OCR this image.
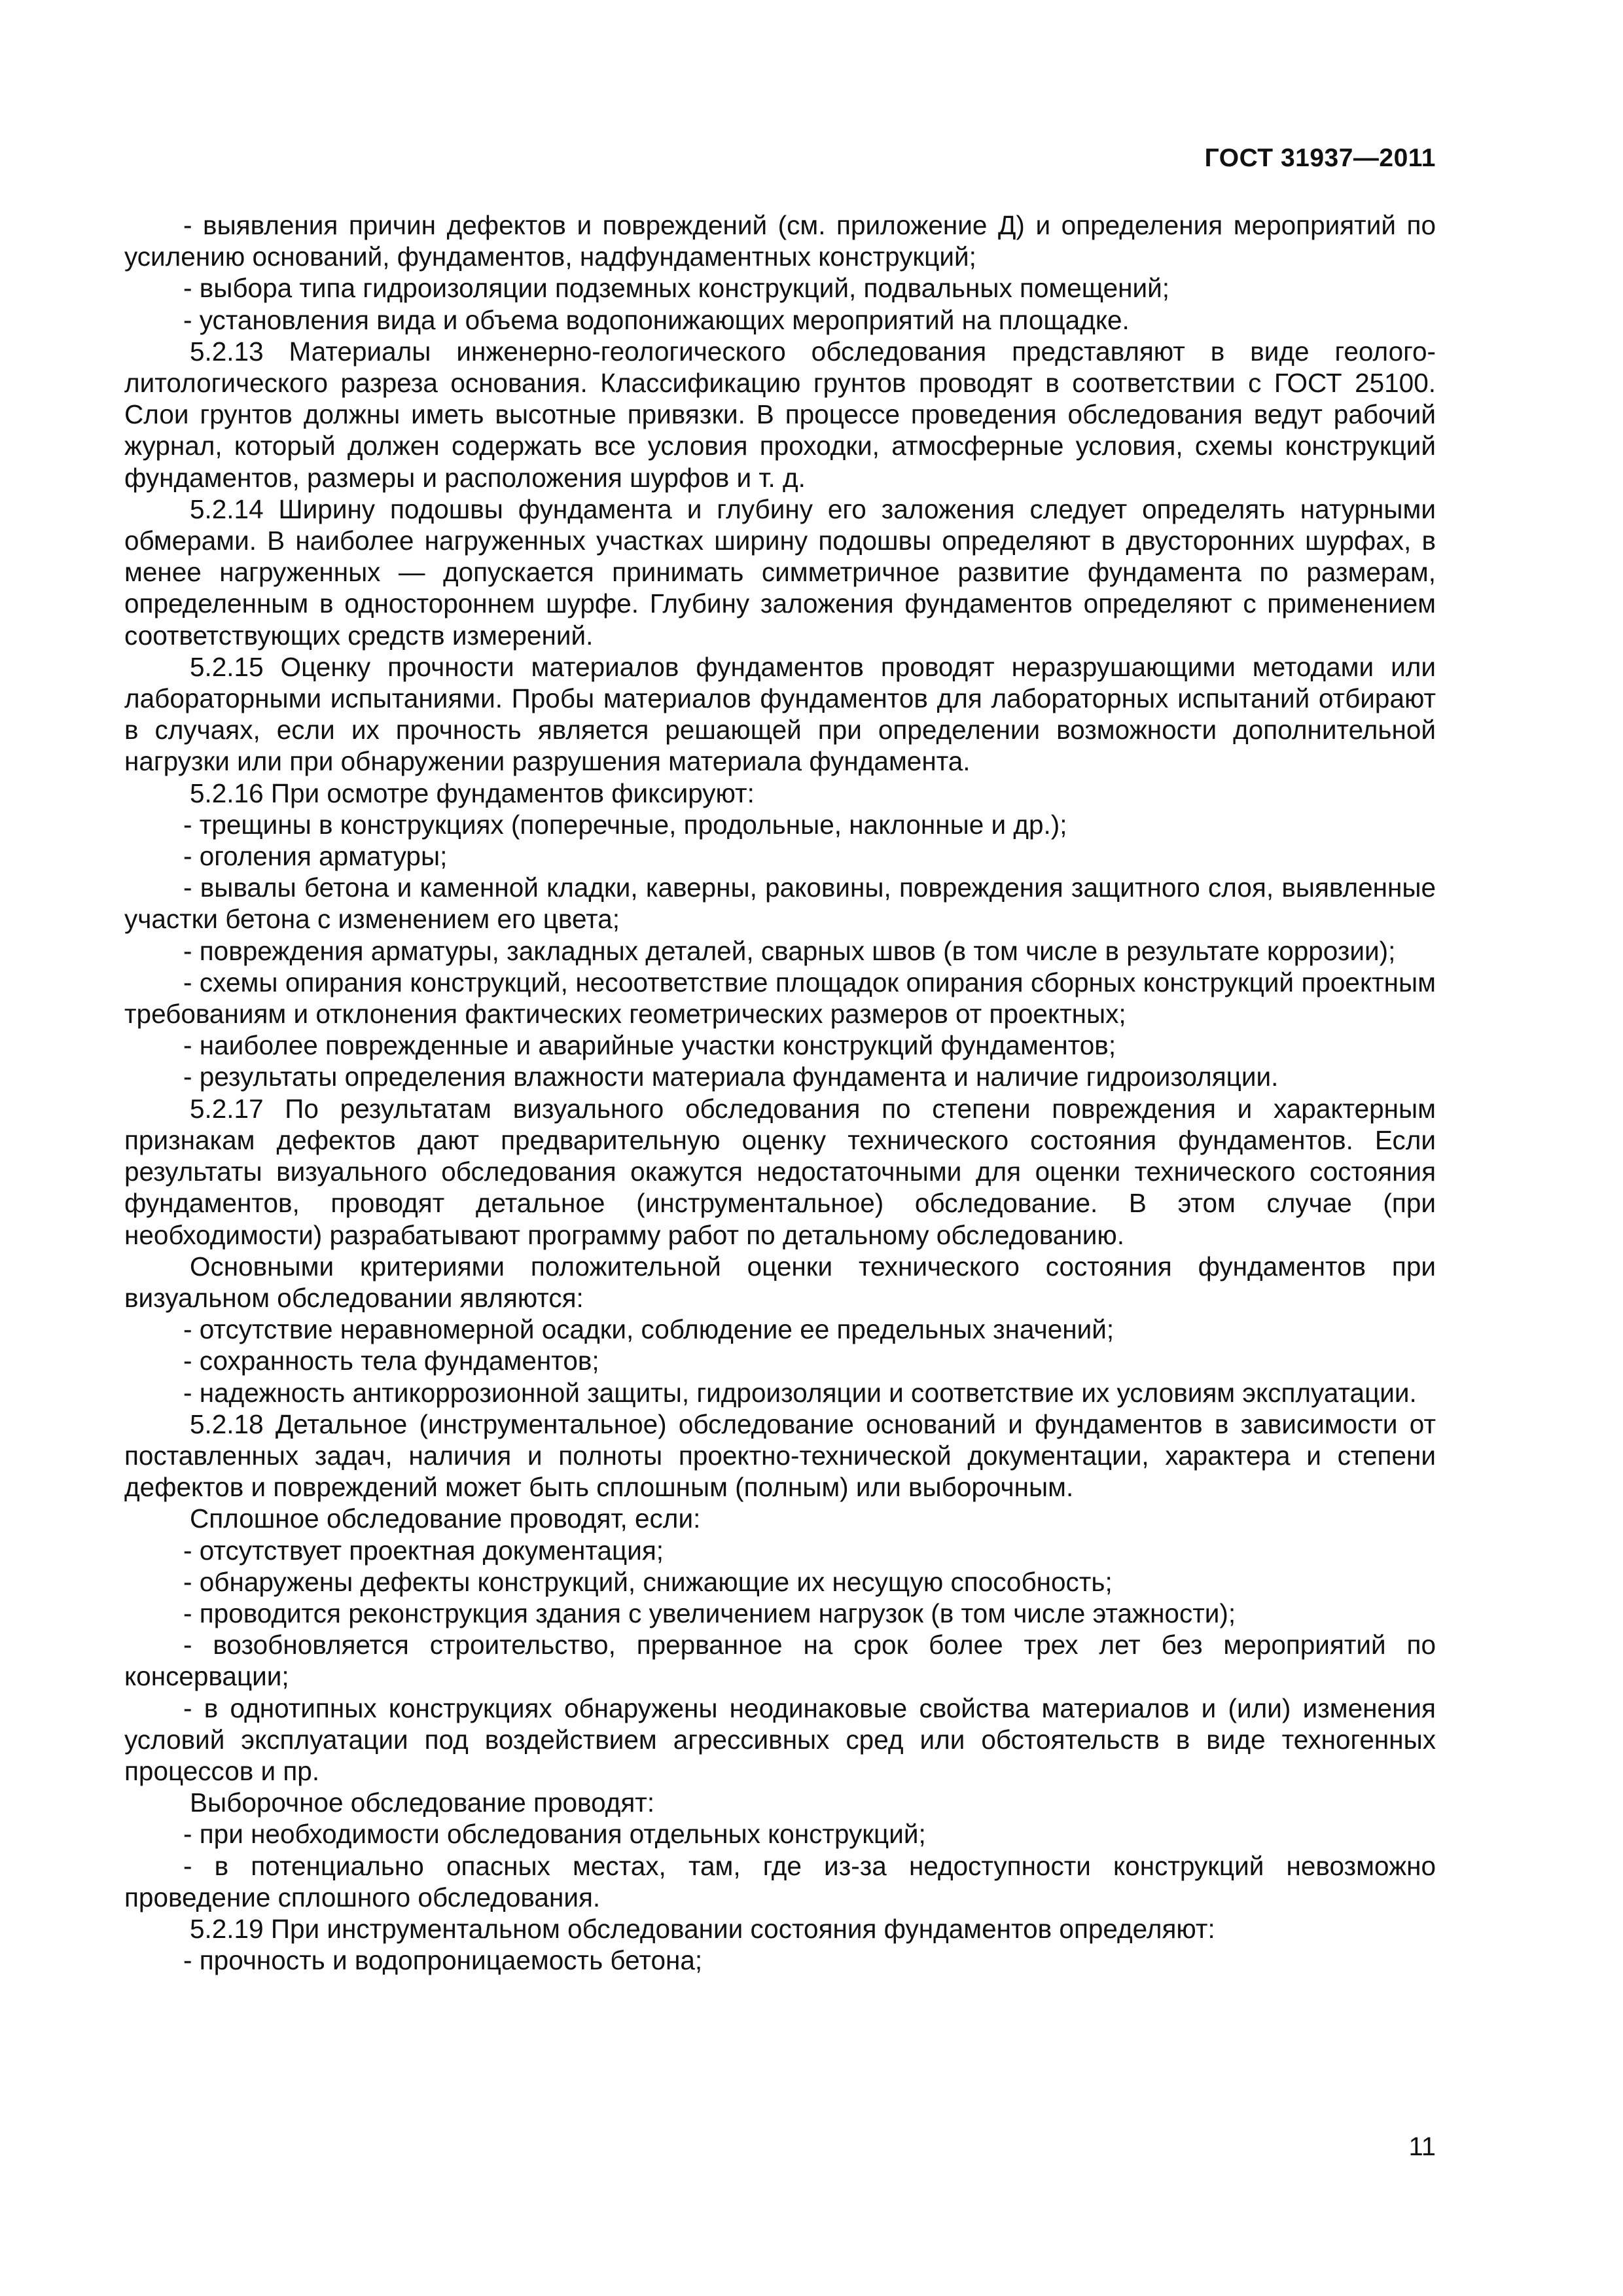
ГОСТ 31937—2011

- выявления причин дефектов и повреждений (см. приложение Д) и определения мероприятий по усилению оснований, фундаментов, надфундаментных конструкций;

- выбора типа гидроизоляции подземных конструкций, подвальных помещений;

- установления вида и объема водопонижающих мероприятий на площадке.

5.2.13 Материалы инженерно-геологического обследования представляют в виде геолого-литологического разреза основания. Классификацию грунтов проводят в соответствии с ГОСТ 25100. Слои грунтов должны иметь высотные привязки. В процессе проведения обследования ведут рабочий журнал, который должен содержать все условия проходки, атмосферные условия, схемы конструкций фундаментов, размеры и расположения шурфов и т. д.

5.2.14 Ширину подошвы фундамента и глубину его заложения следует определять натурными обмерами. В наиболее нагруженных участках ширину подошвы определяют в двусторонних шурфах, в менее нагруженных — допускается принимать симметричное развитие фундамента по размерам, определенным в одностороннем шурфе. Глубину заложения фундаментов определяют с применением соответствующих средств измерений.

5.2.15 Оценку прочности материалов фундаментов проводят неразрушающими методами или лабораторными испытаниями. Пробы материалов фундаментов для лабораторных испытаний отбирают в случаях, если их прочность является решающей при определении возможности дополнительной нагрузки или при обнаружении разрушения материала фундамента.

5.2.16 При осмотре фундаментов фиксируют:

- трещины в конструкциях (поперечные, продольные, наклонные и др.);

- оголения арматуры;

- вывалы бетона и каменной кладки, каверны, раковины, повреждения защитного слоя, выявленные участки бетона с изменением его цвета;

- повреждения арматуры, закладных деталей, сварных швов (в том числе в результате коррозии);

- схемы опирания конструкций, несоответствие площадок опирания сборных конструкций проектным требованиям и отклонения фактических геометрических размеров от проектных;

- наиболее поврежденные и аварийные участки конструкций фундаментов;

- результаты определения влажности материала фундамента и наличие гидроизоляции.

5.2.17 По результатам визуального обследования по степени повреждения и характерным признакам дефектов дают предварительную оценку технического состояния фундаментов. Если результаты визуального обследования окажутся недостаточными для оценки технического состояния фундаментов, проводят детальное (инструментальное) обследование. В этом случае (при необходимости) разрабатывают программу работ по детальному обследованию.

Основными критериями положительной оценки технического состояния фундаментов при визуальном обследовании являются:

- отсутствие неравномерной осадки, соблюдение ее предельных значений;

- сохранность тела фундаментов;

- надежность антикоррозионной защиты, гидроизоляции и соответствие их условиям эксплуатации.

5.2.18 Детальное (инструментальное) обследование оснований и фундаментов в зависимости от поставленных задач, наличия и полноты проектно-технической документации, характера и степени дефектов и повреждений может быть сплошным (полным) или выборочным.

Сплошное обследование проводят, если:

- отсутствует проектная документация;

- обнаружены дефекты конструкций, снижающие их несущую способность;

- проводится реконструкция здания с увеличением нагрузок (в том числе этажности);

- возобновляется строительство, прерванное на срок более трех лет без мероприятий по консервации;

- в однотипных конструкциях обнаружены неодинаковые свойства материалов и (или) изменения условий эксплуатации под воздействием агрессивных сред или обстоятельств в виде техногенных процессов и пр.

Выборочное обследование проводят:

- при необходимости обследования отдельных конструкций;

- в потенциально опасных местах, там, где из-за недоступности конструкций невозможно проведение сплошного обследования.

5.2.19 При инструментальном обследовании состояния фундаментов определяют:

- прочность и водопроницаемость бетона;

11
